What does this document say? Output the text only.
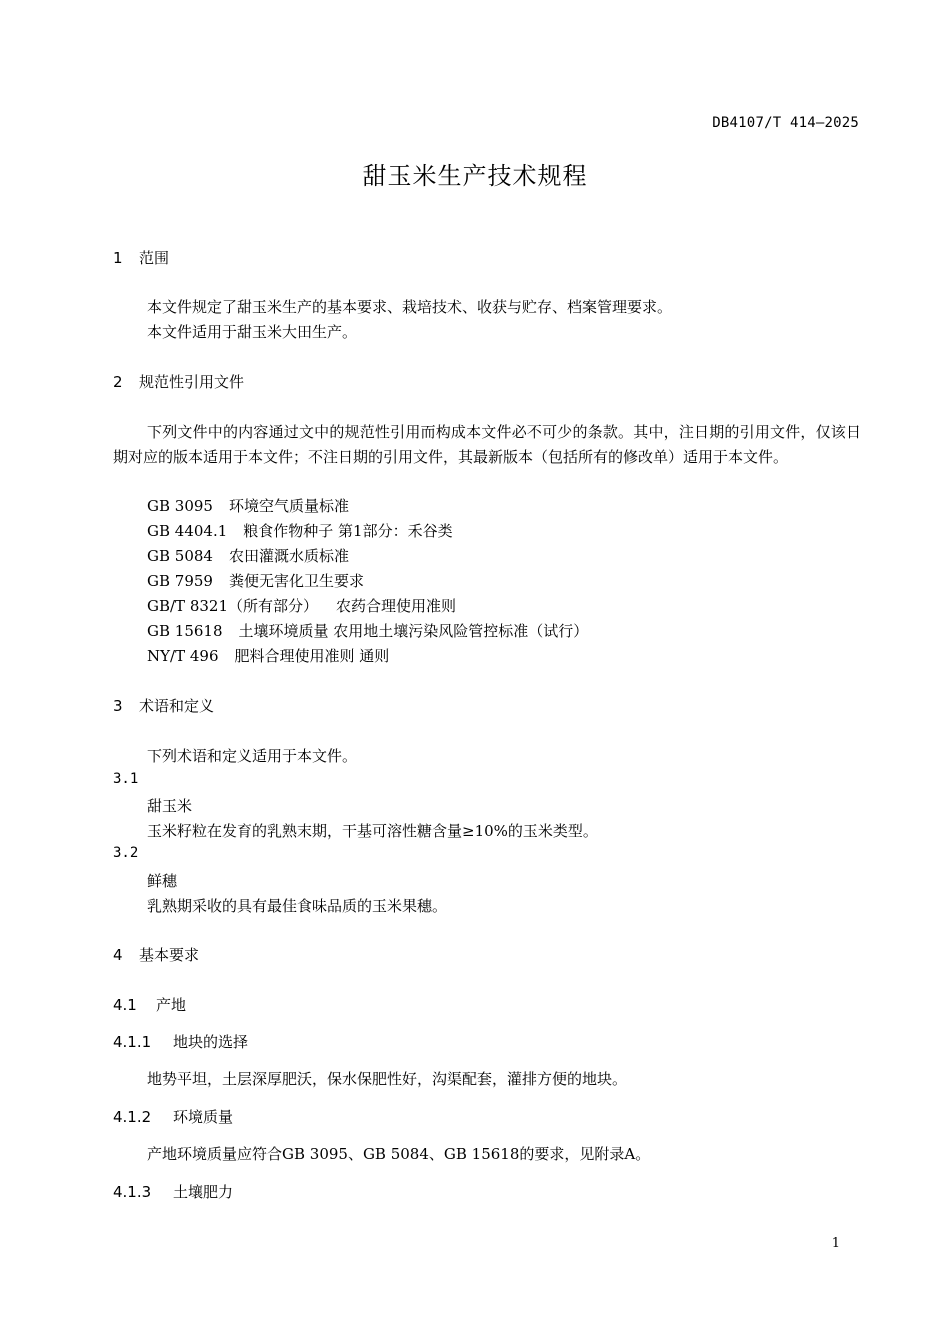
DB4107/T 414—2025
甜玉米生产技术规程
1 范围
本文件规定了甜玉米生产的基本要求、栽培技术、收获与贮存、档案管理要求。
本文件适用于甜玉米大田生产。
2 规范性引用文件
下列文件中的内容通过文中的规范性引用而构成本文件必不可少的条款。其中，注日期的引用文件，仅该日期对应的版本适用于本文件；不注日期的引用文件，其最新版本（包括所有的修改单）适用于本文件。
GB 3095 环境空气质量标准
GB 4404.1 粮食作物种子 第1部分：禾谷类
GB 5084 农田灌溉水质标准
GB 7959 粪便无害化卫生要求
GB/T 8321（所有部分） 农药合理使用准则
GB 15618 土壤环境质量 农用地土壤污染风险管控标准（试行）
NY/T 496 肥料合理使用准则 通则
3 术语和定义
下列术语和定义适用于本文件。
3.1
甜玉米
玉米籽粒在发育的乳熟末期，干基可溶性糖含量≥10%的玉米类型。
3.2
鲜穗
乳熟期采收的具有最佳食味品质的玉米果穗。
4 基本要求
4.1 产地
4.1.1 地块的选择
地势平坦，土层深厚肥沃，保水保肥性好，沟渠配套，灌排方便的地块。
4.1.2 环境质量
产地环境质量应符合GB 3095、GB 5084、GB 15618的要求，见附录A。
4.1.3 土壤肥力
1
